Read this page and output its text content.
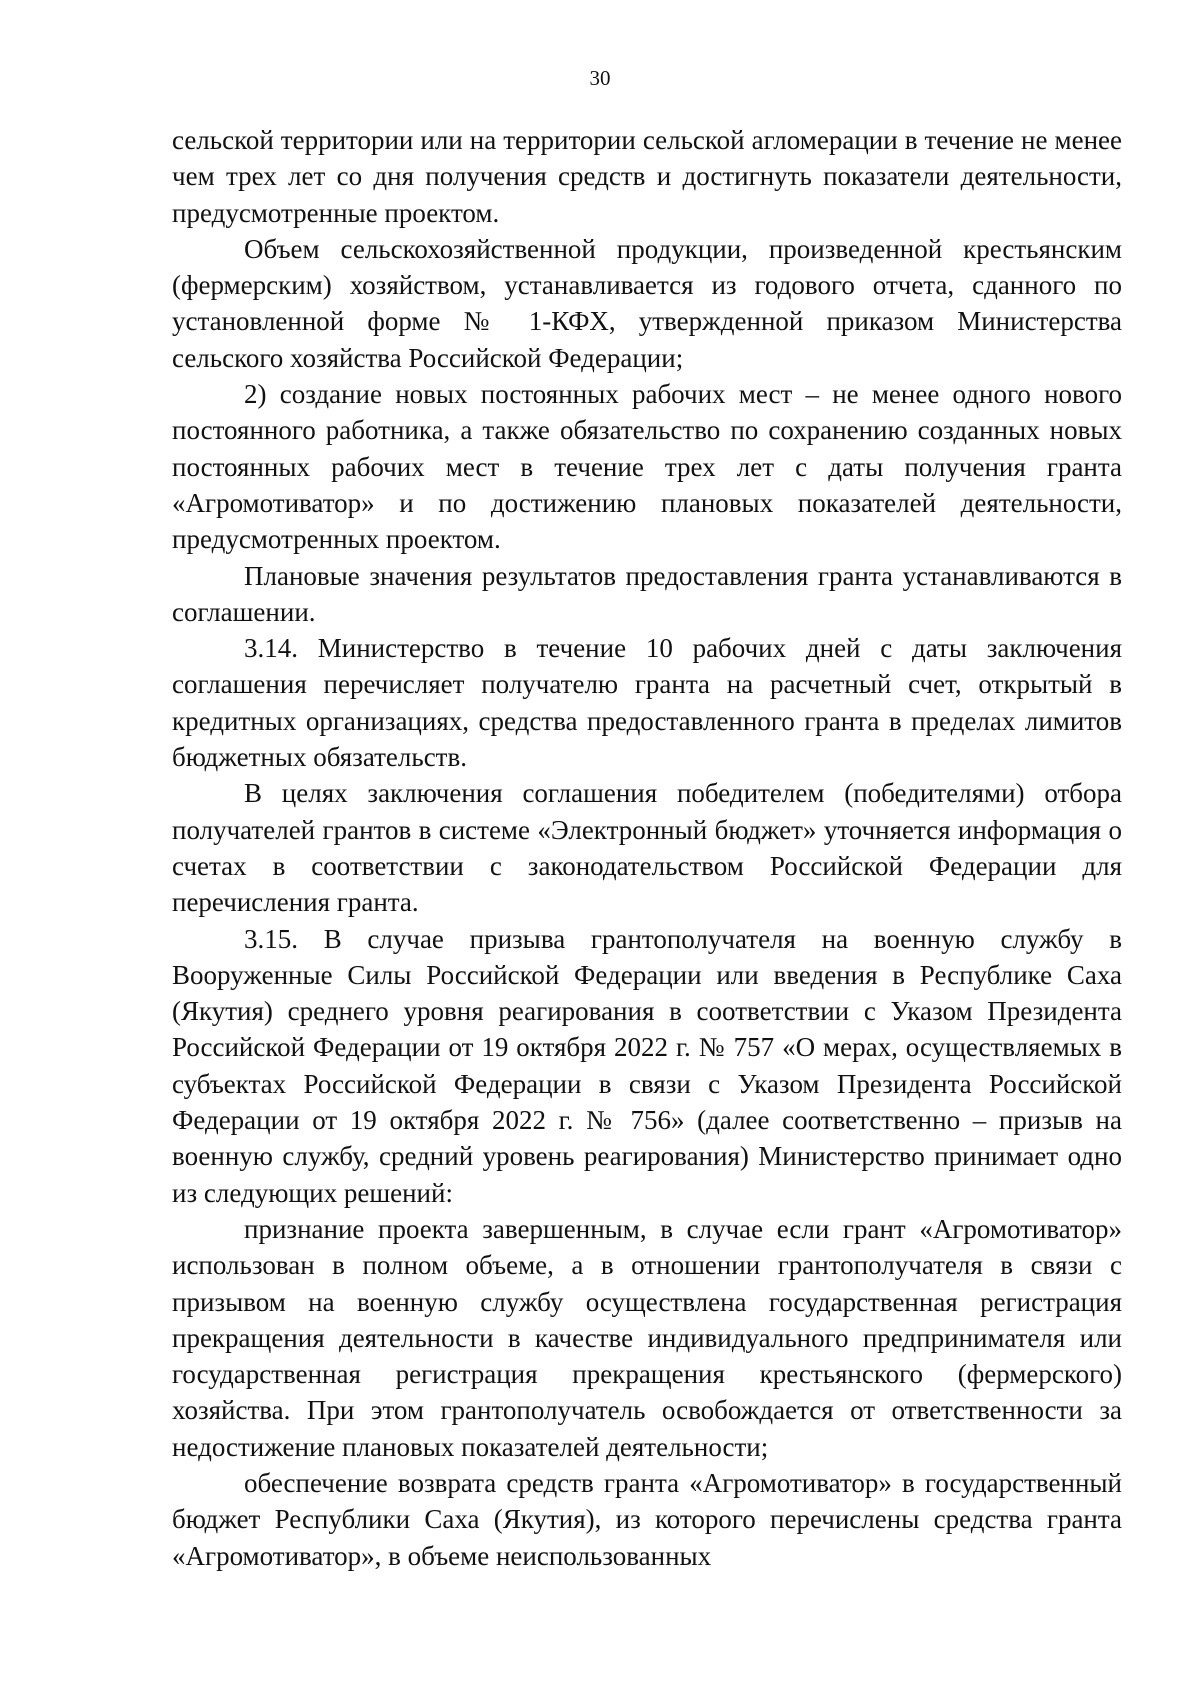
30

сельской территории или на территории сельской агломерации в течение не менее чем трех лет со дня получения средств и достигнуть показатели деятельности, предусмотренные проектом.

Объем сельскохозяйственной продукции, произведенной крестьянским (фермерским) хозяйством, устанавливается из годового отчета, сданного по установленной форме № 1-КФХ, утвержденной приказом Министерства сельского хозяйства Российской Федерации;

2) создание новых постоянных рабочих мест – не менее одного нового постоянного работника, а также обязательство по сохранению созданных новых постоянных рабочих мест в течение трех лет с даты получения гранта «Агромотиватор» и по достижению плановых показателей деятельности, предусмотренных проектом.

Плановые значения результатов предоставления гранта устанавливаются в соглашении.

3.14. Министерство в течение 10 рабочих дней с даты заключения соглашения перечисляет получателю гранта на расчетный счет, открытый в кредитных организациях, средства предоставленного гранта в пределах лимитов бюджетных обязательств.

В целях заключения соглашения победителем (победителями) отбора получателей грантов в системе «Электронный бюджет» уточняется информация о счетах в соответствии с законодательством Российской Федерации для перечисления гранта.

3.15. В случае призыва грантополучателя на военную службу в Вооруженные Силы Российской Федерации или введения в Республике Саха (Якутия) среднего уровня реагирования в соответствии с Указом Президента Российской Федерации от 19 октября 2022 г. № 757 «О мерах, осуществляемых в субъектах Российской Федерации в связи с Указом Президента Российской Федерации от 19 октября 2022 г. № 756» (далее соответственно – призыв на военную службу, средний уровень реагирования) Министерство принимает одно из следующих решений:

признание проекта завершенным, в случае если грант «Агромотиватор» использован в полном объеме, а в отношении грантополучателя в связи с призывом на военную службу осуществлена государственная регистрация прекращения деятельности в качестве индивидуального предпринимателя или государственная регистрация прекращения крестьянского (фермерского) хозяйства. При этом грантополучатель освобождается от ответственности за недостижение плановых показателей деятельности;

обеспечение возврата средств гранта «Агромотиватор» в государственный бюджет Республики Саха (Якутия), из которого перечислены средства гранта «Агромотиватор», в объеме неиспользованных
